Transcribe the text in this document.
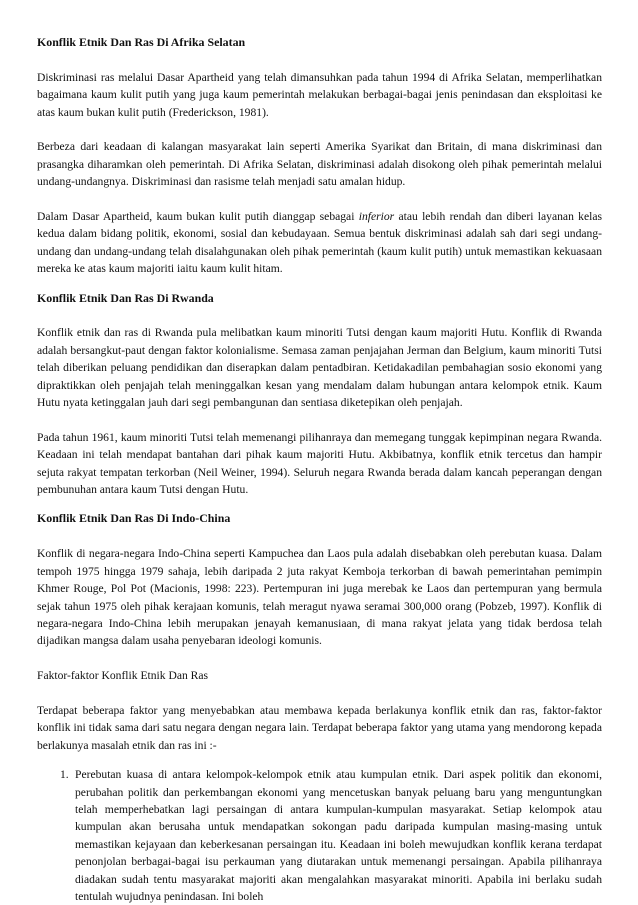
Konflik Etnik Dan Ras Di Afrika Selatan

Diskriminasi ras melalui Dasar Apartheid yang telah dimansuhkan pada tahun 1994 di Afrika Selatan, memperlihatkan bagaimana kaum kulit putih yang juga kaum pemerintah melakukan berbagai-bagai jenis penindasan dan eksploitasi ke atas kaum bukan kulit putih (Frederickson, 1981).

Berbeza dari keadaan di kalangan masyarakat lain seperti Amerika Syarikat dan Britain, di mana diskriminasi dan prasangka diharamkan oleh pemerintah. Di Afrika Selatan, diskriminasi adalah disokong oleh pihak pemerintah melalui undang-undangnya. Diskriminasi dan rasisme telah menjadi satu amalan hidup.

Dalam Dasar Apartheid, kaum bukan kulit putih dianggap sebagai inferior atau lebih rendah dan diberi layanan kelas kedua dalam bidang politik, ekonomi, sosial dan kebudayaan. Semua bentuk diskriminasi adalah sah dari segi undang-undang dan undang-undang telah disalahgunakan oleh pihak pemerintah (kaum kulit putih) untuk memastikan kekuasaan mereka ke atas kaum majoriti iaitu kaum kulit hitam.

Konflik Etnik Dan Ras Di Rwanda

Konflik etnik dan ras di Rwanda pula melibatkan kaum minoriti Tutsi dengan kaum majoriti Hutu. Konflik di Rwanda adalah bersangkut-paut dengan faktor kolonialisme. Semasa zaman penjajahan Jerman dan Belgium, kaum minoriti Tutsi telah diberikan peluang pendidikan dan diserapkan dalam pentadbiran. Ketidakadilan pembahagian sosio ekonomi yang dipraktikkan oleh penjajah telah meninggalkan kesan yang mendalam dalam hubungan antara kelompok etnik. Kaum Hutu nyata ketinggalan jauh dari segi pembangunan dan sentiasa diketepikan oleh penjajah.

Pada tahun 1961, kaum minoriti Tutsi telah memenangi pilihanraya dan memegang tunggak kepimpinan negara Rwanda. Keadaan ini telah mendapat bantahan dari pihak kaum majoriti Hutu. Akbibatnya, konflik etnik tercetus dan hampir sejuta rakyat tempatan terkorban (Neil Weiner, 1994). Seluruh negara Rwanda berada dalam kancah peperangan dengan pembunuhan antara kaum Tutsi dengan Hutu.

Konflik Etnik Dan Ras Di Indo-China

Konflik di negara-negara Indo-China seperti Kampuchea dan Laos pula adalah disebabkan oleh perebutan kuasa. Dalam tempoh 1975 hingga 1979 sahaja, lebih daripada 2 juta rakyat Kemboja terkorban di bawah pemerintahan pemimpin Khmer Rouge, Pol Pot (Macionis, 1998: 223). Pertempuran ini juga merebak ke Laos dan pertempuran yang bermula sejak tahun 1975 oleh pihak kerajaan komunis, telah meragut nyawa seramai 300,000 orang (Pobzeb, 1997). Konflik di negara-negara Indo-China lebih merupakan jenayah kemanusiaan, di mana rakyat jelata yang tidak berdosa telah dijadikan mangsa dalam usaha penyebaran ideologi komunis.

Faktor-faktor Konflik Etnik Dan Ras

Terdapat beberapa faktor yang menyebabkan atau membawa kepada berlakunya konflik etnik dan ras, faktor-faktor konflik ini tidak sama dari satu negara dengan negara lain. Terdapat beberapa faktor yang utama yang mendorong kepada berlakunya masalah etnik dan ras ini :-

1. Perebutan kuasa di antara kelompok-kelompok etnik atau kumpulan etnik. Dari aspek politik dan ekonomi, perubahan politik dan perkembangan ekonomi yang mencetuskan banyak peluang baru yang menguntungkan telah memperhebatkan lagi persaingan di antara kumpulan-kumpulan masyarakat. Setiap kelompok atau kumpulan akan berusaha untuk mendapatkan sokongan padu daripada kumpulan masing-masing untuk memastikan kejayaan dan keberkesanan persaingan itu. Keadaan ini boleh mewujudkan konflik kerana terdapat penonjolan berbagai-bagai isu perkauman yang diutarakan untuk memenangi persaingan. Apabila pilihanraya diadakan sudah tentu masyarakat majoriti akan mengalahkan masyarakat minoriti. Apabila ini berlaku sudah tentulah wujudnya penindasan. Ini boleh
